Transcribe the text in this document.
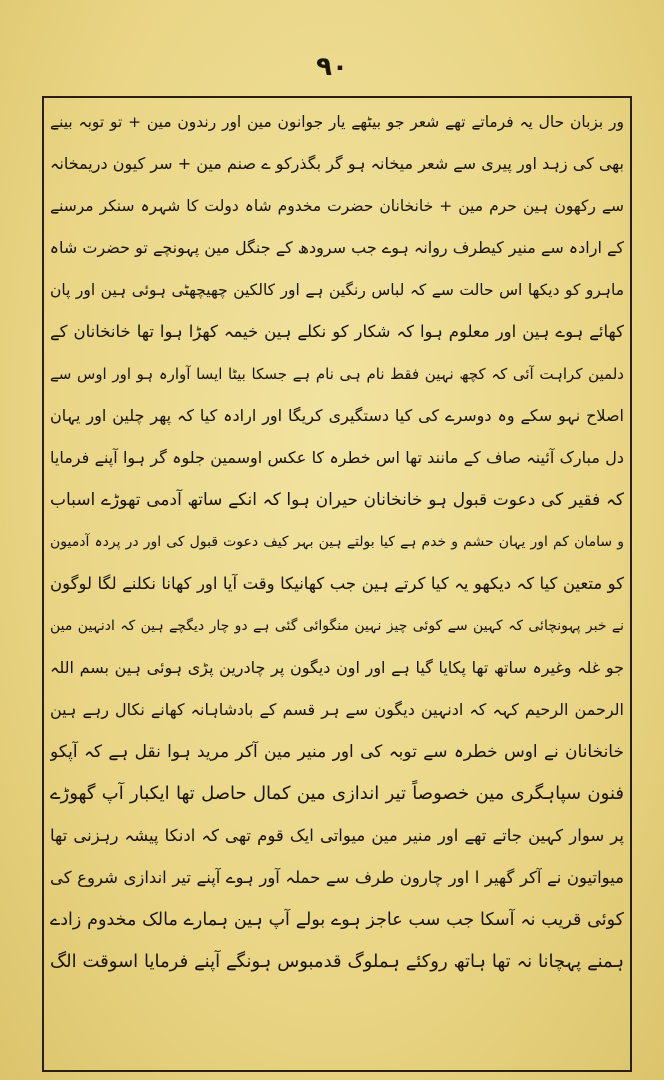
۹۰
ور بزبان حال یہ فرماتے تھے شعر جو بیٹھے یار جوانون مین اور رندون مین + تو توبہ بینے
بھی کی زہد اور پیری سے شعر میخانہ ہو گر بگذرکو ے صنم مین + سر کیون دریمخانہ
سے رکھون ہین حرم مین + خانخانان حضرت مخدوم شاہ دولت کا شہرہ سنکر مرسنے
کے ارادہ سے منیر کیطرف روانہ ہوے جب سرودھ کے جنگل مین پہونچے تو حضرت شاہ
ماہرو کو دیکھا اس حالت سے کہ لباس رنگین ہے اور کالکین چھیچھٹی ہوئی ہین اور پان
کھائے ہوے ہین اور معلوم ہوا کہ شکار کو نکلے ہین خیمہ کھڑا ہوا تھا خانخانان کے
دلمین کراہت آئی کہ کچھ نہین فقط نام ہی نام ہے جسکا بیٹا ایسا آوارہ ہو اور اوس سے
اصلاح نہو سکے وہ دوسرے کی کیا دستگیری کریگا اور ارادہ کیا کہ پھر چلین اور یہان
دل مبارک آئینہ صاف کے مانند تھا اس خطرہ کا عکس اوسمین جلوہ گر ہوا آپنے فرمایا
کہ فقیر کی دعوت قبول ہو خانخانان حیران ہوا کہ انکے ساتھ آدمی تھوڑے اسباب
و سامان کم اور یہان حشم و خدم ہے کیا بولتے ہین بہر کیف دعوت قبول کی اور در پردہ آدمیون
کو متعین کیا کہ دیکھو یہ کیا کرتے ہین جب کھانیکا وقت آیا اور کھانا نکلنے لگا لوگون
نے خبر پہونچائی کہ کہین سے کوئی چیز نہین منگوائی گئی ہے دو چار دیگچے ہین کہ ادنہین مین
جو غلہ وغیرہ ساتھ تھا پکایا گیا ہے اور اون دیگون پر چادرین پڑی ہوئی ہین بسم اللہ
الرحمن الرحیم کہہ کہ ادنہین دیگون سے ہر قسم کے بادشاہانہ کھانے نکال رہے ہین
خانخانان نے اوس خطرہ سے توبہ کی اور منیر مین آکر مرید ہوا نقل ہے کہ آپکو
فنون سپاہگری مین خصوصاً تیر اندازی مین کمال حاصل تھا ایکبار آپ گھوڑے
پر سوار کہین جاتے تھے اور منیر مین میواتی ایک قوم تھی کہ ادنکا پیشہ رہزنی تھا
میواتیون نے آکر گھیر ا اور چارون طرف سے حملہ آور ہوے آپنے تیر اندازی شروع کی
کوئی قریب نہ آسکا جب سب عاجز ہوے بولے آپ ہین ہمارے مالک مخدوم زادے
ہمنے پہچانا نہ تھا ہاتھ روکئے ہملوگ قدمبوس ہونگے آپنے فرمایا اسوقت الگ
